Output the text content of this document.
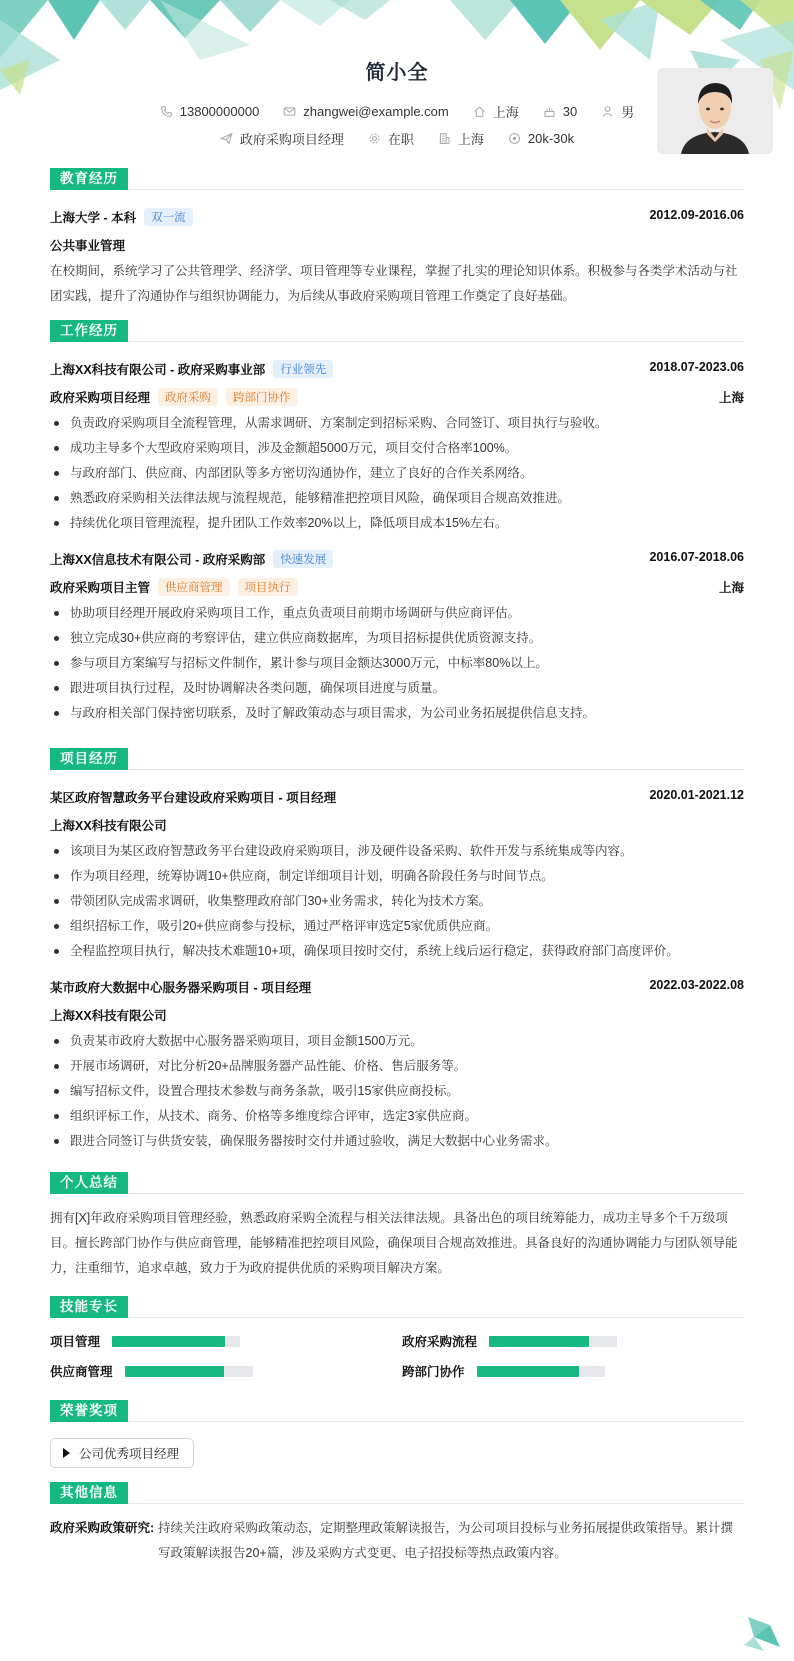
简小全
13800000000	zhangwei@example.com	上海	30	男
政府采购项目经理	在职	上海	20k-30k
教育经历
上海大学 - 本科 双一流	2012.09-2016.06
公共事业管理
在校期间，系统学习了公共管理学、经济学、项目管理等专业课程，掌握了扎实的理论知识体系。积极参与各类学术活动与社团实践，提升了沟通协作与组织协调能力，为后续从事政府采购项目管理工作奠定了良好基础。
工作经历
上海XX科技有限公司 - 政府采购事业部 行业领先	2018.07-2023.06
政府采购项目经理 政府采购 跨部门协作	上海
负责政府采购项目全流程管理，从需求调研、方案制定到招标采购、合同签订、项目执行与验收。
成功主导多个大型政府采购项目，涉及金额超5000万元，项目交付合格率100%。
与政府部门、供应商、内部团队等多方密切沟通协作，建立了良好的合作关系网络。
熟悉政府采购相关法律法规与流程规范，能够精准把控项目风险，确保项目合规高效推进。
持续优化项目管理流程，提升团队工作效率20%以上，降低项目成本15%左右。
上海XX信息技术有限公司 - 政府采购部 快速发展	2016.07-2018.06
政府采购项目主管 供应商管理 项目执行	上海
协助项目经理开展政府采购项目工作，重点负责项目前期市场调研与供应商评估。
独立完成30+供应商的考察评估，建立供应商数据库，为项目招标提供优质资源支持。
参与项目方案编写与招标文件制作，累计参与项目金额达3000万元，中标率80%以上。
跟进项目执行过程，及时协调解决各类问题，确保项目进度与质量。
与政府相关部门保持密切联系，及时了解政策动态与项目需求，为公司业务拓展提供信息支持。
项目经历
某区政府智慧政务平台建设政府采购项目 - 项目经理	2020.01-2021.12
上海XX科技有限公司
该项目为某区政府智慧政务平台建设政府采购项目，涉及硬件设备采购、软件开发与系统集成等内容。
作为项目经理，统筹协调10+供应商，制定详细项目计划，明确各阶段任务与时间节点。
带领团队完成需求调研，收集整理政府部门30+业务需求，转化为技术方案。
组织招标工作，吸引20+供应商参与投标，通过严格评审选定5家优质供应商。
全程监控项目执行，解决技术难题10+项，确保项目按时交付，系统上线后运行稳定，获得政府部门高度评价。
某市政府大数据中心服务器采购项目 - 项目经理	2022.03-2022.08
上海XX科技有限公司
负责某市政府大数据中心服务器采购项目，项目金额1500万元。
开展市场调研，对比分析20+品牌服务器产品性能、价格、售后服务等。
编写招标文件，设置合理技术参数与商务条款，吸引15家供应商投标。
组织评标工作，从技术、商务、价格等多维度综合评审，选定3家供应商。
跟进合同签订与供货安装，确保服务器按时交付并通过验收，满足大数据中心业务需求。
个人总结
拥有[X]年政府采购项目管理经验，熟悉政府采购全流程与相关法律法规。具备出色的项目统筹能力，成功主导多个千万级项目。擅长跨部门协作与供应商管理，能够精准把控项目风险，确保项目合规高效推进。具备良好的沟通协调能力与团队领导能力，注重细节，追求卓越，致力于为政府提供优质的采购项目解决方案。
技能专长
项目管理	政府采购流程
供应商管理	跨部门协作
荣誉奖项
公司优秀项目经理
其他信息
政府采购政策研究: 持续关注政府采购政策动态，定期整理政策解读报告，为公司项目投标与业务拓展提供政策指导。累计撰写政策解读报告20+篇，涉及采购方式变更、电子招投标等热点政策内容。
